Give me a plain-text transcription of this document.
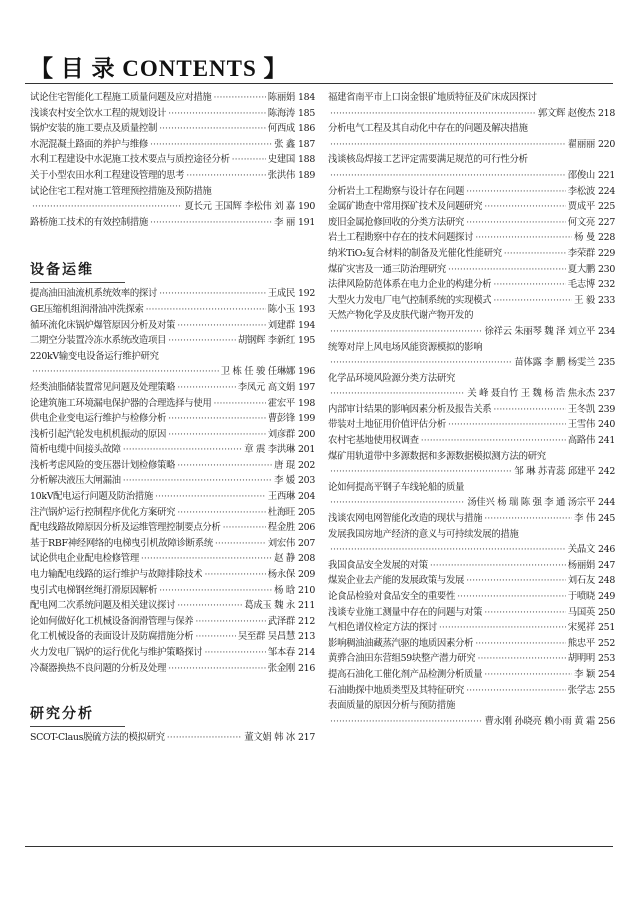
【 目 录 CONTENTS 】
试论住宅智能化工程施工质量问题及应对措施 ·····	陈丽娟 184
浅谈农村安全饮水工程的规划设计 ·····	陈海涛 185
锅炉安装的施工要点及质量控制 ·····	何西成 186
水泥混凝土路面的养护与维修 ·····	张 鑫 187
水利工程建设中水泥施工技术要点与质控途径分析 ·····	史建国 188
关于小型农田水利工程建设管理的思考 ·····	张洪伟 189
试论住宅工程对施工管理预控措施及预防措施
·····
夏长元 王国辉 李松伟 刘 嘉 190
路桥施工技术的有效控制措施 ·····	李 丽 191
设备运维
提高油田油流机系统效率的探讨 ·····	王成民 192
GE压缩机组润滑油冲洗探索 ·····	陈小玉 193
循环流化床锅炉爆管原因分析及对策 ·····	刘建群 194
二期空分装置冷冻水系统改造项目 ·····	胡钢辉 李新红 195
220kV输变电设备运行维护研究
·····
卫 栋 任 骏 任琳娜 196
烃类油脂储装置常见问题及处理策略 ·····	李凤元 高文娟 197
论建筑施工环境漏电保护器的合理选择与使用 ·····	霍宏平 198
供电企业变电运行维护与检修分析 ·····	曹彭锋 199
浅析引起汽轮发电机机振动的原因 ·····	刘彦群 200
简析电缆中间接头故障 ·····	章 震 李洪琳 201
浅析考虑风险的变压器计划检修策略 ·····	唐 琨 202
分析解决液压大闸漏油 ·····	李 媛 203
10kV配电运行问题及防治措施 ·····	王西琳 204
注汽锅炉运行控制程序优化方案研究 ·····	杜海旺 205
配电线路故障原因分析及运维管理控制要点分析 ·····	程金胜 206
基于RBF神经网络的电梯曳引机故障诊断系统 ·····	刘宏伟 207
试论供电企业配电检修管理 ·····	赵 静 208
电力输配电线路的运行维护与故障排除技术 ·····	杨永保 209
曳引式电梯钢丝绳打滑原因解析 ·····	杨 晗 210
配电网二次系统问题及相关建议探讨 ·····	葛成玉 魏 永 211
论如何做好化工机械设备润滑管理与保养 ·····	武泽群 212
化工机械设备的表面设计及防腐措施分析 ·····	吴至群 吴昌慧 213
火力发电厂锅炉的运行优化与维护策略探讨 ·····	邹本春 214
冷凝器换热不良问题的分析及处理 ·····	张金刚 216
研究分析
SCOT-Claus脱硫方法的模拟研究 ·····	董文娟 韩 冰 217
福建省南平市上口岗金银矿地质特征及矿床成因探讨
·····
郭文辉 赵俊杰 218
分析电气工程及其自动化中存在的问题及解决措施
·····
翟丽丽 220
浅谈核岛焊接工艺评定需要满足规范的可行性分析
·····
邵俊山 221
分析岩土工程勘察与设计存在问题 ·····	李松波 224
金属矿勘查中常用探矿技术及问题研究 ·····	贾成平 225
废旧金属抢修回收的分类方法研究 ·····	何文亮 227
岩土工程勘察中存在的技术问题探讨 ·····	杨 曼 228
纳米TiO₂复合材料的制备及光催化性能研究 ·····	李荣群 229
煤矿灾害及一通三防治理研究 ·····	夏大鹏 230
法律风险防范体系在电力企业的构建分析 ·····	毛志博 232
大型火力发电厂电气控制系统的实现模式 ·····	王 毅 233
天然产物化学及皮肤代谢产物开发的
·····
徐祥云 朱丽琴 魏 泽 刘立平 234
统筹对岸上风电场风能资源模拟的影响
·····
苗体露 李 鹏 杨雯兰 235
化学品环境风险源分类方法研究
·····
关 峰 聂自竹 王 魏 杨 浩 焦永杰 237
内部审计结果的影响因素分析及报告关系 ·····	王冬凯 239
带装对土地征用价值评估分析 ·····	王雪伟 240
农村宅基地使用权调查 ·····	高路伟 241
煤矿用轨道带中多源数据和多源数据模拟测方法的研究
·····
邹 琳 苏青蕊 邱建平 242
论如何提高平钢子车线轮船的质量
·····
汤佳兴 杨 瑞 陈 强 李 通 汤宗平 244
浅谈农网电网智能化改造的现状与措施 ·····	李 伟 245
发展我国房地产经济的意义与可持续发展的措施
·····
关晶文 246
我国食品安全发展的对策 ·····	杨丽娟 247
煤炭企业去产能的发展政策与发展 ·····	刘石友 248
论食品检验对食品安全的重要性 ·····	于喷晓 249
浅谈专业施工测量中存在的问题与对策 ·····	马国英 250
气相色谱仪检定方法的探讨 ·····	宋冕祥 251
影响稠油油藏蒸汽驱的地质因素分析 ·····	熊忠平 252
黄骅合油田东营组59块整产潜力研究 ·····	胡明明 253
提高石油化工催化剂产品检测分析质量 ·····	李 颖 254
石油勘探中地质类型及其特征研究 ·····	张学志 255
表面质量的原因分析与预防措施
·····
曹永刚 孙晓亮 赖小雨 黄 霜 256
